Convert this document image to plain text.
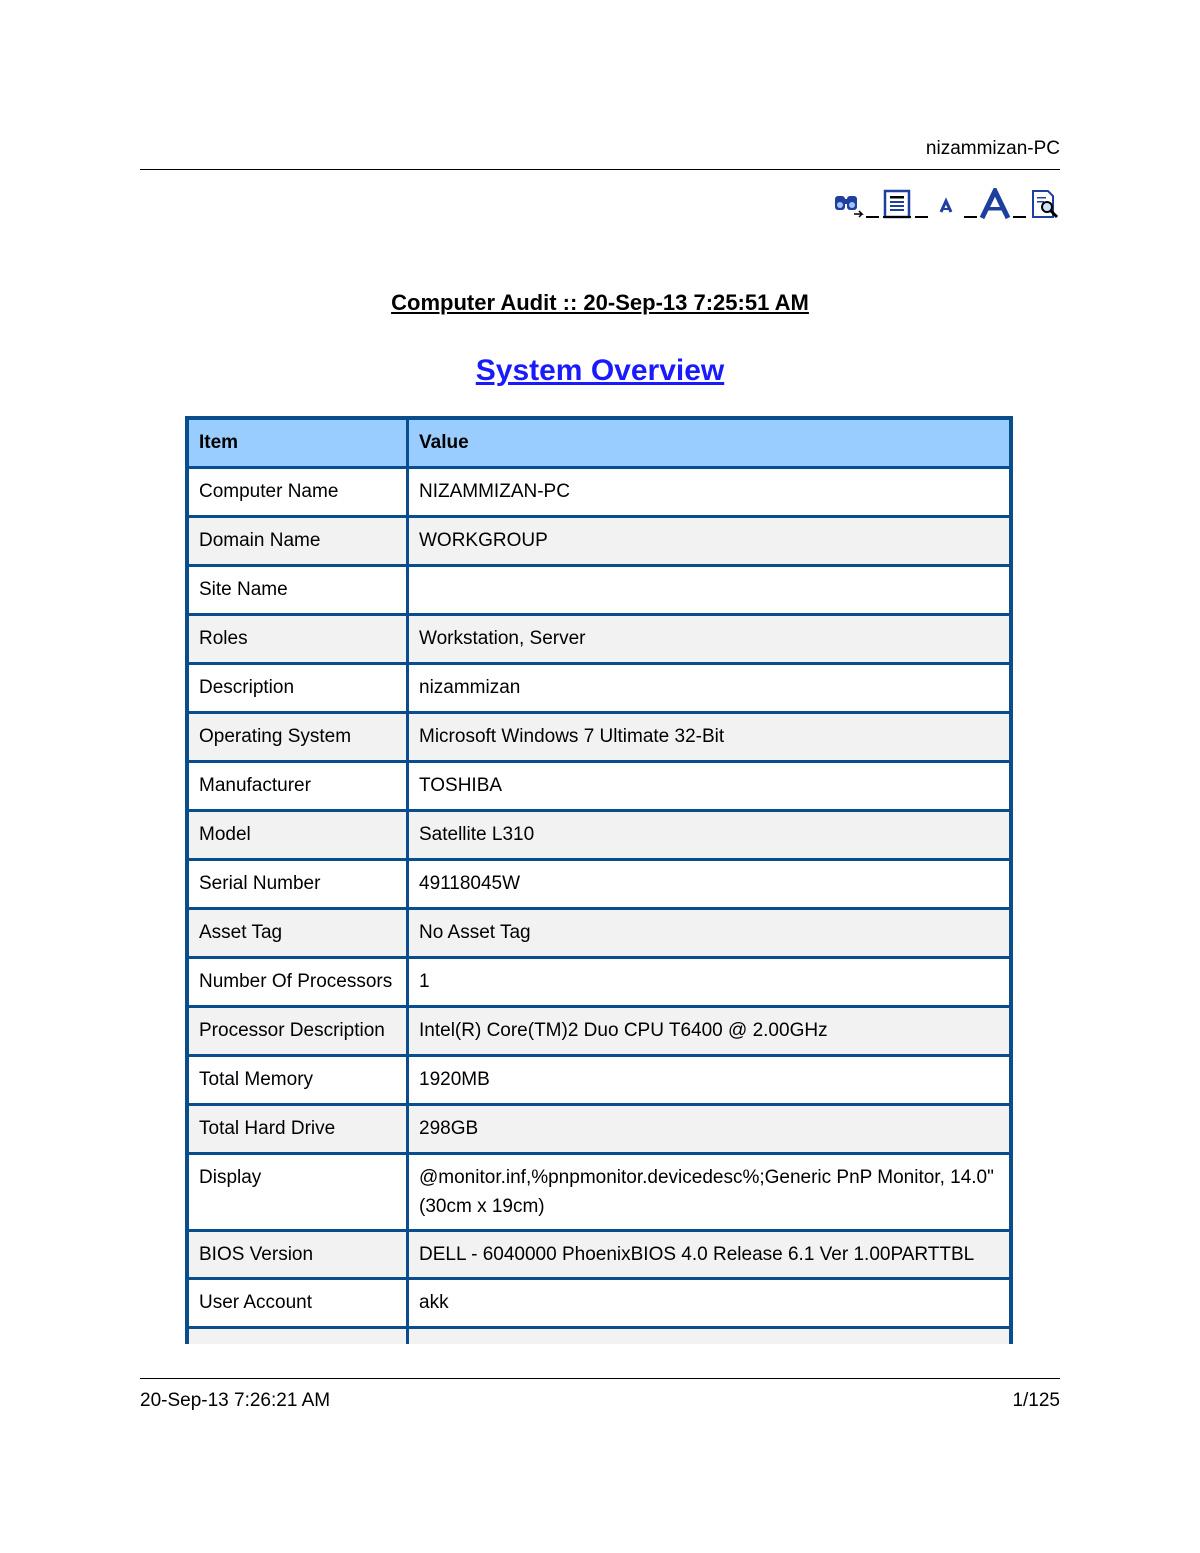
nizammizan-PC
Computer Audit :: 20-Sep-13 7:25:51 AM
System Overview
Item	Value
Computer Name	NIZAMMIZAN-PC
Domain Name	WORKGROUP
Site Name	
Roles	Workstation, Server
Description	nizammizan
Operating System	Microsoft Windows 7 Ultimate 32-Bit
Manufacturer	TOSHIBA
Model	Satellite L310
Serial Number	49118045W
Asset Tag	No Asset Tag
Number Of Processors	1
Processor Description	Intel(R) Core(TM)2 Duo CPU T6400 @ 2.00GHz
Total Memory	1920MB
Total Hard Drive	298GB
Display	@monitor.inf,%pnpmonitor.devicedesc%;Generic PnP Monitor, 14.0" (30cm x 19cm)
BIOS Version	DELL - 6040000 PhoenixBIOS 4.0 Release 6.1 Ver 1.00PARTTBL
User Account	akk

20-Sep-13 7:26:21 AM	1/125
